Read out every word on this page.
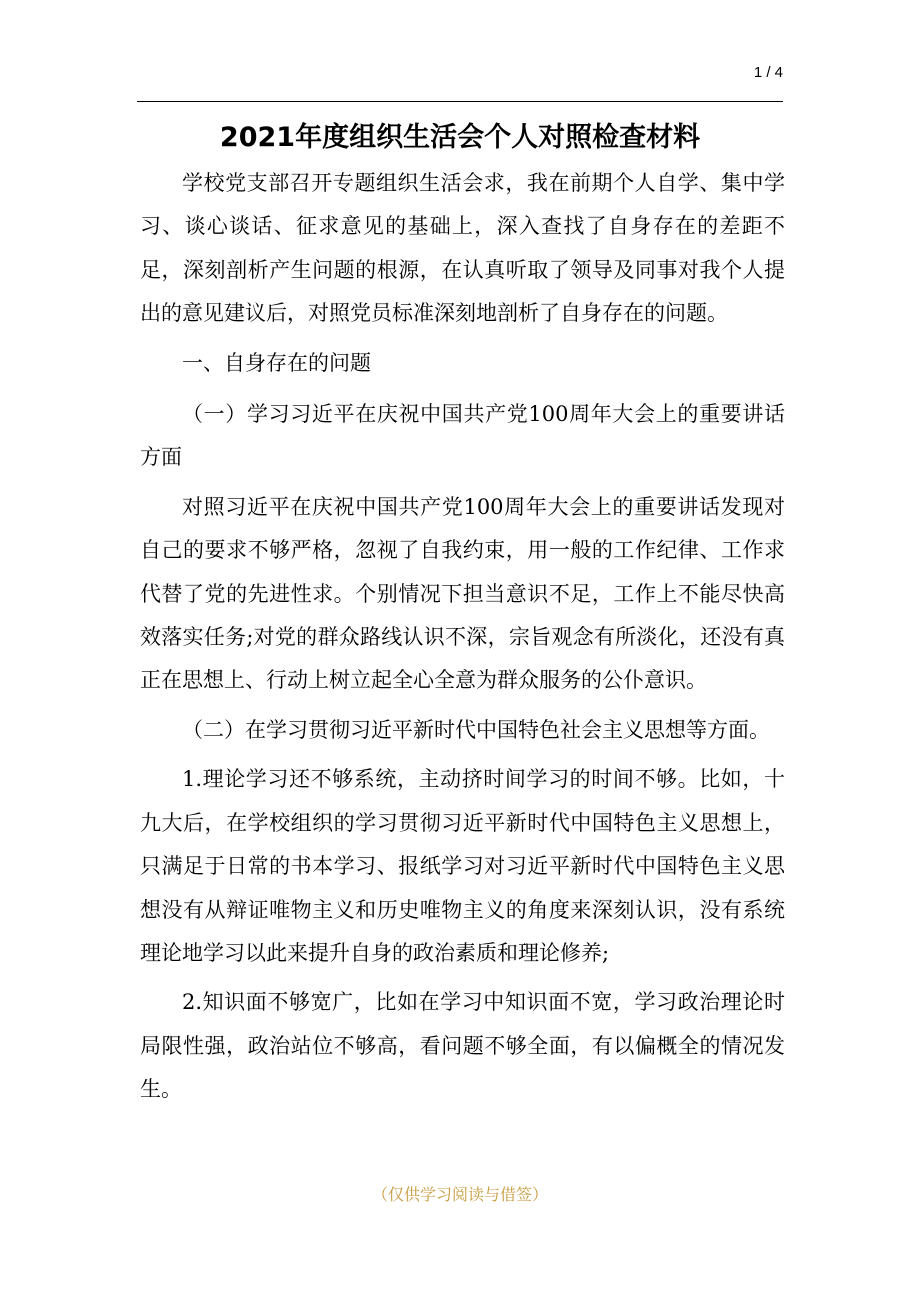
1 / 4
2021年度组织生活会个人对照检查材料

学校党支部召开专题组织生活会求，我在前期个人自学、集中学习、谈心谈话、征求意见的基础上，深入查找了自身存在的差距不足，深刻剖析产生问题的根源，在认真听取了领导及同事对我个人提出的意见建议后，对照党员标准深刻地剖析了自身存在的问题。

一、自身存在的问题

（一）学习习近平在庆祝中国共产党100周年大会上的重要讲话方面

对照习近平在庆祝中国共产党100周年大会上的重要讲话发现对自己的要求不够严格，忽视了自我约束，用一般的工作纪律、工作求代替了党的先进性求。个别情况下担当意识不足，工作上不能尽快高效落实任务;对党的群众路线认识不深，宗旨观念有所淡化，还没有真正在思想上、行动上树立起全心全意为群众服务的公仆意识。

（二）在学习贯彻习近平新时代中国特色社会主义思想等方面。

1.理论学习还不够系统，主动挤时间学习的时间不够。比如，十九大后，在学校组织的学习贯彻习近平新时代中国特色主义思想上，只满足于日常的书本学习、报纸学习对习近平新时代中国特色主义思想没有从辩证唯物主义和历史唯物主义的角度来深刻认识，没有系统理论地学习以此来提升自身的政治素质和理论修养;

2.知识面不够宽广，比如在学习中知识面不宽，学习政治理论时局限性强，政治站位不够高，看问题不够全面，有以偏概全的情况发生。

（仅供学习阅读与借签）
